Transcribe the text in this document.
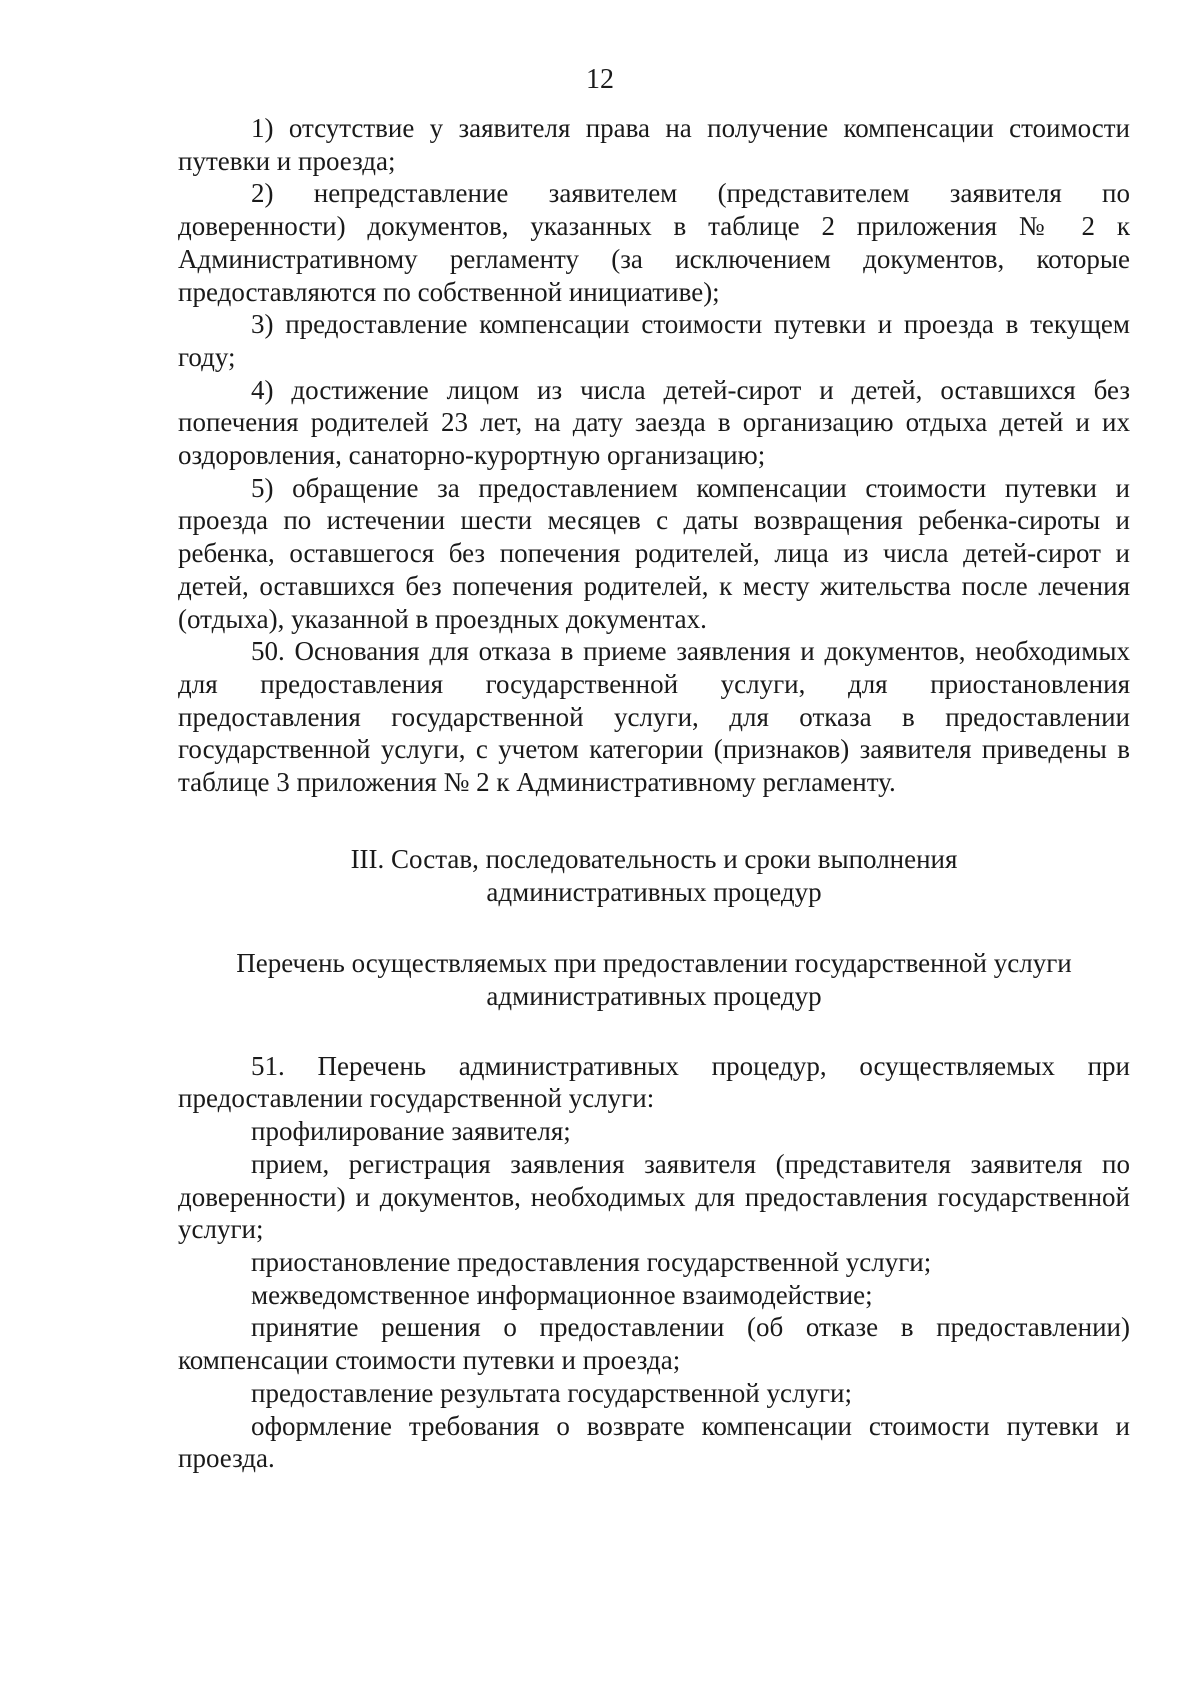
12

1) отсутствие у заявителя права на получение компенсации стоимости путевки и проезда;

2) непредставление заявителем (представителем заявителя по доверенности) документов, указанных в таблице 2 приложения № 2 к Административному регламенту (за исключением документов, которые предоставляются по собственной инициативе);

3) предоставление компенсации стоимости путевки и проезда в текущем году;

4) достижение лицом из числа детей-сирот и детей, оставшихся без попечения родителей 23 лет, на дату заезда в организацию отдыха детей и их оздоровления, санаторно-курортную организацию;

5) обращение за предоставлением компенсации стоимости путевки и проезда по истечении шести месяцев с даты возвращения ребенка-сироты и ребенка, оставшегося без попечения родителей, лица из числа детей-сирот и детей, оставшихся без попечения родителей, к месту жительства после лечения (отдыха), указанной в проездных документах.

50. Основания для отказа в приеме заявления и документов, необходимых для предоставления государственной услуги, для приостановления предоставления государственной услуги, для отказа в предоставлении государственной услуги, с учетом категории (признаков) заявителя приведены в таблице 3 приложения № 2 к Административному регламенту.

III. Состав, последовательность и сроки выполнения

административных процедур

Перечень осуществляемых при предоставлении государственной услуги

административных процедур

51. Перечень административных процедур, осуществляемых при предоставлении государственной услуги:

профилирование заявителя;

прием, регистрация заявления заявителя (представителя заявителя по доверенности) и документов, необходимых для предоставления государственной услуги;

приостановление предоставления государственной услуги;

межведомственное информационное взаимодействие;

принятие решения о предоставлении (об отказе в предоставлении) компенсации стоимости путевки и проезда;

предоставление результата государственной услуги;

оформление требования о возврате компенсации стоимости путевки и проезда.
